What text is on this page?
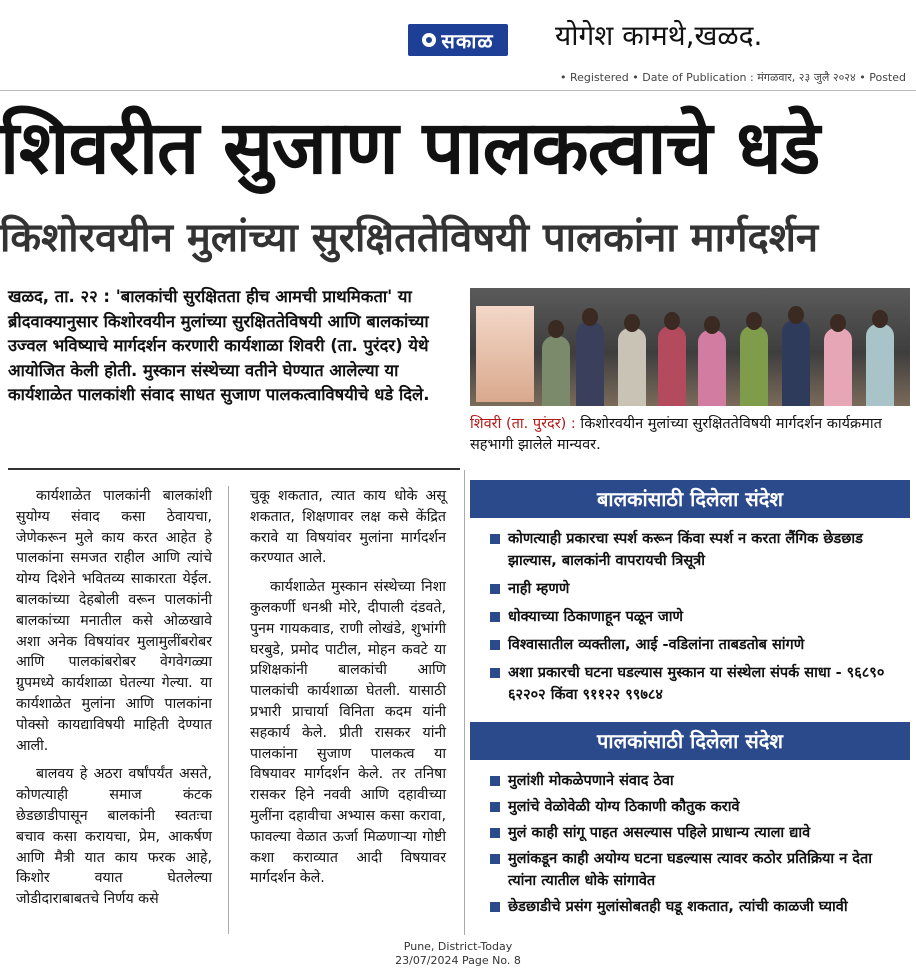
सकाळ योगेश कामथे,खळद.
• Registered • Date of Publication : मंगळवार, २३ जुलै २०२४ • Posted
शिवरीत सुजाण पालकत्वाचे धडे
किशोरवयीन मुलांच्या सुरक्षिततेविषयी पालकांना मार्गदर्शन
खळद, ता. २२ : 'बालकांची सुरक्षितता हीच आमची प्राथमिकता' या ब्रीदवाक्यानुसार किशोरवयीन मुलांच्या सुरक्षिततेविषयी आणि बालकांच्या उज्वल भविष्याचे मार्गदर्शन करणारी कार्यशाळा शिवरी (ता. पुरंदर) येथे आयोजित केली होती. मुस्कान संस्थेच्या वतीने घेण्यात आलेल्या या कार्यशाळेत पालकांशी संवाद साधत सुजाण पालकत्वाविषयीचे धडे दिले.
शिवरी (ता. पुरंदर) : किशोरवयीन मुलांच्या सुरक्षिततेविषयी मार्गदर्शन कार्यक्रमात सहभागी झालेले मान्यवर.

कार्यशाळेत पालकांनी बालकांशी सुयोग्य संवाद कसा ठेवायचा, जेणेकरून मुले काय करत आहेत हे पालकांना समजत राहील आणि त्यांचे योग्य दिशेने भवितव्य साकारता येईल. बालकांच्या देहबोली वरून पालकांनी बालकांच्या मनातील कसे ओळखावे अशा अनेक विषयांवर मुलामुलींबरोबर आणि पालकांबरोबर वेगवेगळ्या ग्रुपमध्ये कार्यशाळा घेतल्या गेल्या. या कार्यशाळेत मुलांना आणि पालकांना पोक्सो कायद्याविषयी माहिती देण्यात आली.

बालवय हे अठरा वर्षांपर्यंत असते, कोणत्याही समाज कंटक छेडछाडीपासून बालकांनी स्वतःचा बचाव कसा करायचा, प्रेम, आकर्षण आणि मैत्री यात काय फरक आहे, किशोर वयात घेतलेल्या जोडीदाराबाबतचे निर्णय कसे

चुकू शकतात, त्यात काय धोके असू शकतात, शिक्षणावर लक्ष कसे केंद्रित करावे या विषयांवर मुलांना मार्गदर्शन करण्यात आले.

कार्यशाळेत मुस्कान संस्थेच्या निशा कुलकर्णी धनश्री मोरे, दीपाली दंडवते, पुनम गायकवाड, राणी लोखंडे, शुभांगी घरबुडे, प्रमोद पाटील, मोहन कवटे या प्रशिक्षकांनी बालकांची आणि पालकांची कार्यशाळा घेतली. यासाठी प्रभारी प्राचार्या विनिता कदम यांनी सहकार्य केले. प्रीती रासकर यांनी पालकांना सुजाण पालकत्व या विषयावर मार्गदर्शन केले. तर तनिषा रासकर हिने नववी आणि दहावीच्या मुलींना दहावीचा अभ्यास कसा करावा, फावल्या वेळात ऊर्जा मिळणाऱ्या गोष्टी कशा कराव्यात आदी विषयावर मार्गदर्शन केले.

बालकांसाठी दिलेला संदेश
कोणत्याही प्रकारचा स्पर्श करून किंवा स्पर्श न करता लैंगिक छेडछाड झाल्यास, बालकांनी वापरायची त्रिसूत्री
नाही म्हणणे
धोक्याच्या ठिकाणाहून पळून जाणे
विश्वासातील व्यक्तीला, आई -वडिलांना ताबडतोब सांगणे
अशा प्रकारची घटना घडल्यास मुस्कान या संस्थेला संपर्क साधा - ९६८९० ६२२०२ किंवा ९११२२ ९९७८४
पालकांसाठी दिलेला संदेश
मुलांशी मोकळेपणाने संवाद ठेवा
मुलांचे वेळोवेळी योग्य ठिकाणी कौतुक करावे
मुलं काही सांगू पाहत असल्यास पहिले प्राधान्य त्याला द्यावे
मुलांकडून काही अयोग्य घटना घडल्यास त्यावर कठोर प्रतिक्रिया न देता त्यांना त्यातील धोके सांगावेत
छेडछाडीचे प्रसंग मुलांसोबतही घडू शकतात, त्यांची काळजी घ्यावी
Pune, District-Today
23/07/2024 Page No. 8
